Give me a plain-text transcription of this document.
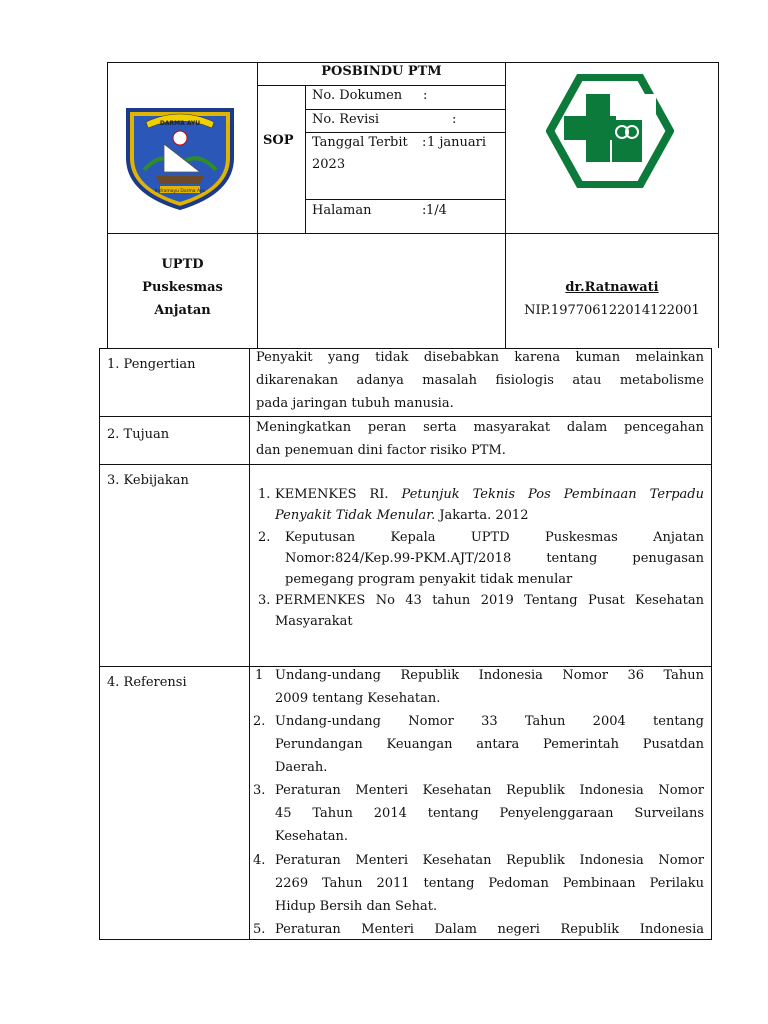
DARMA AYU
Indramayu Darma Ayu
POSBINDU PTM
SOP
No. Dokumen :
No. Revisi	:
Tanggal Terbit : 1 januari
2023
Halaman	: 1/4
UPTD
Puskesmas
Anjatan
dr.Ratnawati
NIP.197706122014122001
1. Pengertian	Penyakit yang tidak disebabkan karena kuman melainkan
dikarenakan adanya masalah fisiologis atau metabolisme
pada jaringan tubuh manusia.
2. Tujuan	Meningkatkan peran serta masyarakat dalam pencegahan
dan penemuan dini factor risiko PTM.
3. Kebijakan
1. KEMENKES RI. Petunjuk Teknis Pos Pembinaan Terpadu
Penyakit Tidak Menular. Jakarta. 2012
2. Keputusan Kepala UPTD Puskesmas Anjatan
Nomor:824/Kep.99-PKM.AJT/2018 tentang penugasan
pemegang program penyakit tidak menular
3. PERMENKES No 43 tahun 2019 Tentang Pusat Kesehatan
Masyarakat
4. Referensi	1 Undang-undang Republik Indonesia Nomor 36 Tahun
2009 tentang Kesehatan.
2. Undang-undang Nomor 33 Tahun 2004 tentang
Perundangan Keuangan antara Pemerintah Pusatdan
Daerah.
3. Peraturan Menteri Kesehatan Republik Indonesia Nomor
45 Tahun 2014 tentang Penyelenggaraan Surveilans
Kesehatan.
4. Peraturan Menteri Kesehatan Republik Indonesia Nomor
2269 Tahun 2011 tentang Pedoman Pembinaan Perilaku
Hidup Bersih dan Sehat.
5. Peraturan Menteri Dalam negeri Republik Indonesia
